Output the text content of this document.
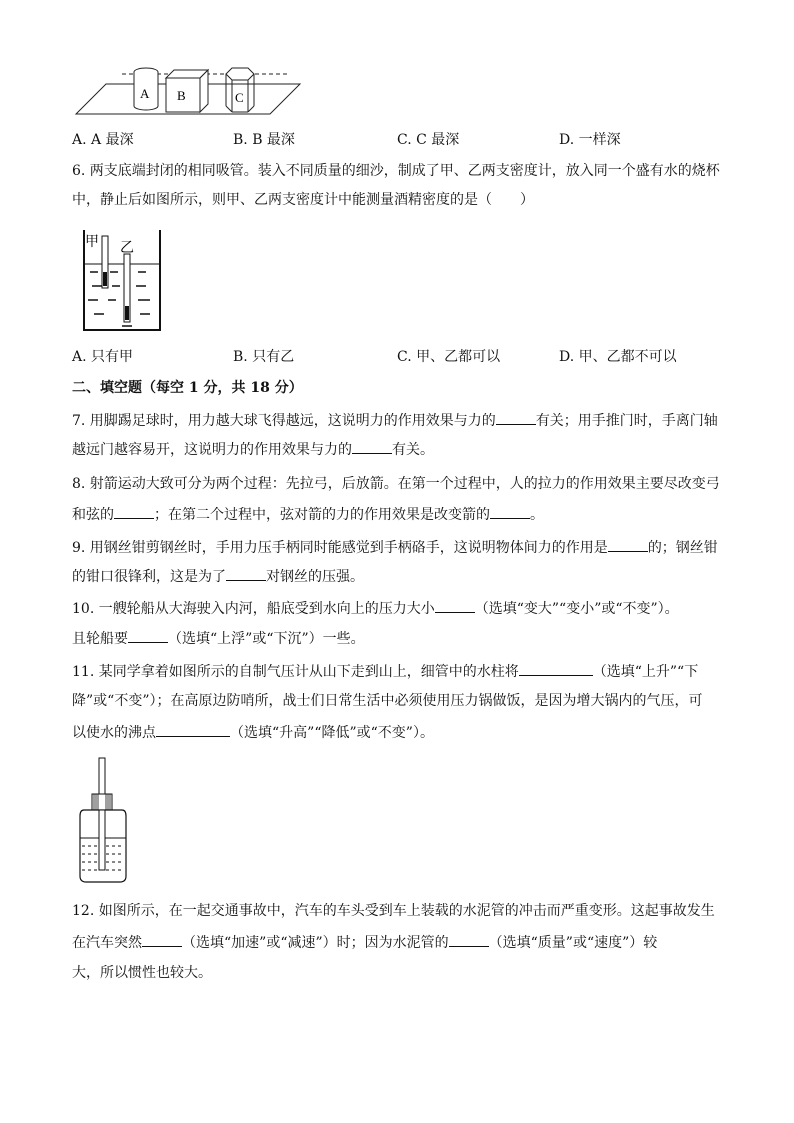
A B	C
A. A 最深	B. B 最深	C. C 最深	D. 一样深
6. 两支底端封闭的相同吸管。装入不同质量的细沙，制成了甲、乙两支密度计，放入同一个盛有水的烧杯
中，静止后如图所示，则甲、乙两支密度计中能测量酒精密度的是（　　）
甲 乙
A. 只有甲	B. 只有乙	C. 甲、乙都可以	D. 甲、乙都不可以
二、填空题（每空 1 分，共 18 分）
7. 用脚踢足球时，用力越大球飞得越远，这说明力的作用效果与力的	有关；用手推门时，手离门轴
越远门越容易开，这说明力的作用效果与力的	有关。
8. 射箭运动大致可分为两个过程：先拉弓，后放箭。在第一个过程中，人的拉力的作用效果主要尽改变弓
和弦的	；在第二个过程中，弦对箭的力的作用效果是改变箭的	。
9. 用钢丝钳剪钢丝时，手用力压手柄同时能感觉到手柄硌手，这说明物体间力的作用是	的；钢丝钳
的钳口很锋利，这是为了	对钢丝的压强。
10. 一艘轮船从大海驶入内河，船底受到水向上的压力大小	（选填“变大”“变小”或“不变”）。
且轮船要	（选填“上浮”或“下沉”）一些。
11. 某同学拿着如图所示的自制气压计从山下走到山上，细管中的水柱将	（选填“上升”“下
降”或“不变”）；在高原边防哨所，战士们日常生活中必须使用压力锅做饭，是因为增大锅内的气压，可
以使水的沸点	（选填“升高”“降低”或“不变”）。
12. 如图所示，在一起交通事故中，汽车的车头受到车上装载的水泥管的冲击而严重变形。这起事故发生
在汽车突然	（选填“加速”或“减速”）时；因为水泥管的	（选填“质量”或“速度”）较
大，所以惯性也较大。
